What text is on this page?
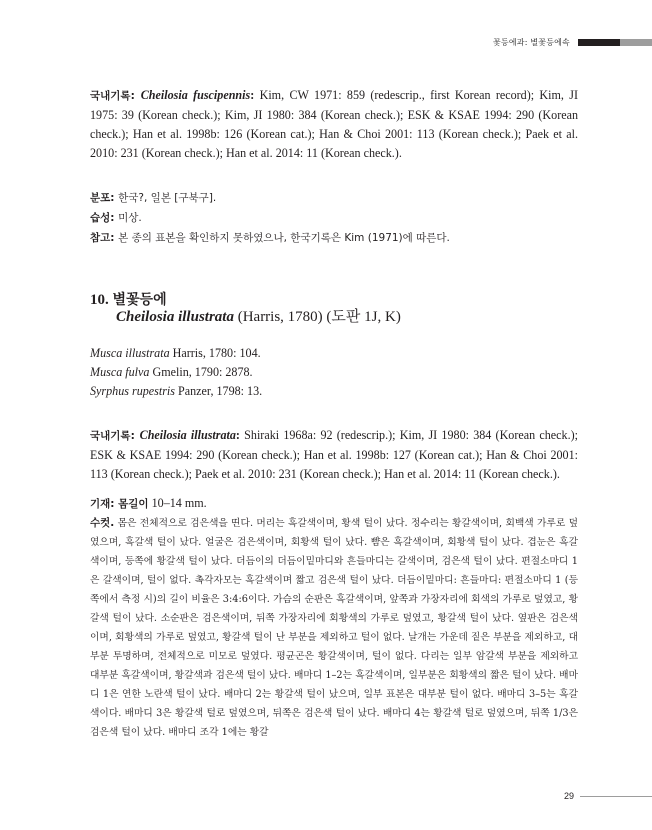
꽃등에과: 별꽃등에속

국내기록: Cheilosia fuscipennis: Kim, CW 1971: 859 (redescrip., first Korean record); Kim, JI 1975: 39 (Korean check.); Kim, JI 1980: 384 (Korean check.); ESK & KSAE 1994: 290 (Korean check.); Han et al. 1998b: 126 (Korean cat.); Han & Choi 2001: 113 (Korean check.); Paek et al. 2010: 231 (Korean check.); Han et al. 2014: 11 (Korean check.).

분포: 한국?, 일본 [구북구].
습성: 미상.
참고: 본 종의 표본을 확인하지 못하였으나, 한국기록은 Kim (1971)에 따른다.
10. 별꽃등에
Cheilosia illustrata (Harris, 1780) (도판 1J, K)
Musca illustrata Harris, 1780: 104.
Musca fulva Gmelin, 1790: 2878.
Syrphus rupestris Panzer, 1798: 13.

국내기록: Cheilosia illustrata: Shiraki 1968a: 92 (redescrip.); Kim, JI 1980: 384 (Korean check.); ESK & KSAE 1994: 290 (Korean check.); Han et al. 1998b: 127 (Korean cat.); Han & Choi 2001: 113 (Korean check.); Paek et al. 2010: 231 (Korean check.); Han et al. 2014: 11 (Korean check.).

기재: 몸길이 10–14 mm.
수컷. 몸은 전체적으로 검은색을 띤다. 머리는 흑갈색이며, 황색 털이 났다. 정수리는 황갈색이며, 회백색 가루로 덮였으며, 흑갈색 털이 났다. 얼굴은 검은색이며, 회황색 털이 났다. 뺨은 흑갈색이며, 회황색 털이 났다. 겹눈은 흑갈색이며, 등쪽에 황갈색 털이 났다. 더듬이의 더듬이밑마디와 흔들마디는 갈색이며, 검은색 털이 났다. 편절소마디 1은 갈색이며, 털이 없다. 촉각자모는 흑갈색이며 짧고 검은색 털이 났다. 더듬이밑마디: 흔들마디: 편절소마디 1 (등쪽에서 측정 시)의 길이 비율은 3:4:6이다. 가슴의 순판은 흑갈색이며, 앞쪽과 가장자리에 회색의 가루로 덮였고, 황갈색 털이 났다. 소순판은 검은색이며, 뒤쪽 가장자리에 회황색의 가루로 덮였고, 황갈색 털이 났다. 옆판은 검은색이며, 회황색의 가루로 덮였고, 황갈색 털이 난 부분을 제외하고 털이 없다. 날개는 가운데 짙은 부분을 제외하고, 대부분 투명하며, 전체적으로 미모로 덮였다. 평균곤은 황갈색이며, 털이 없다. 다리는 일부 암갈색 부분을 제외하고 대부분 흑갈색이며, 황갈색과 검은색 털이 났다. 배마디 1–2는 흑갈색이며, 일부분은 회황색의 짧은 털이 났다. 배마디 1은 연한 노란색 털이 났다. 배마디 2는 황갈색 털이 났으며, 일부 표본은 대부분 털이 없다. 배마디 3–5는 흑갈색이다. 배마디 3은 황갈색 털로 덮였으며, 뒤쪽은 검은색 털이 났다. 배마디 4는 황갈색 털로 덮였으며, 뒤쪽 1/3은 검은색 털이 났다. 배마디 조각 1에는 황갈
29
